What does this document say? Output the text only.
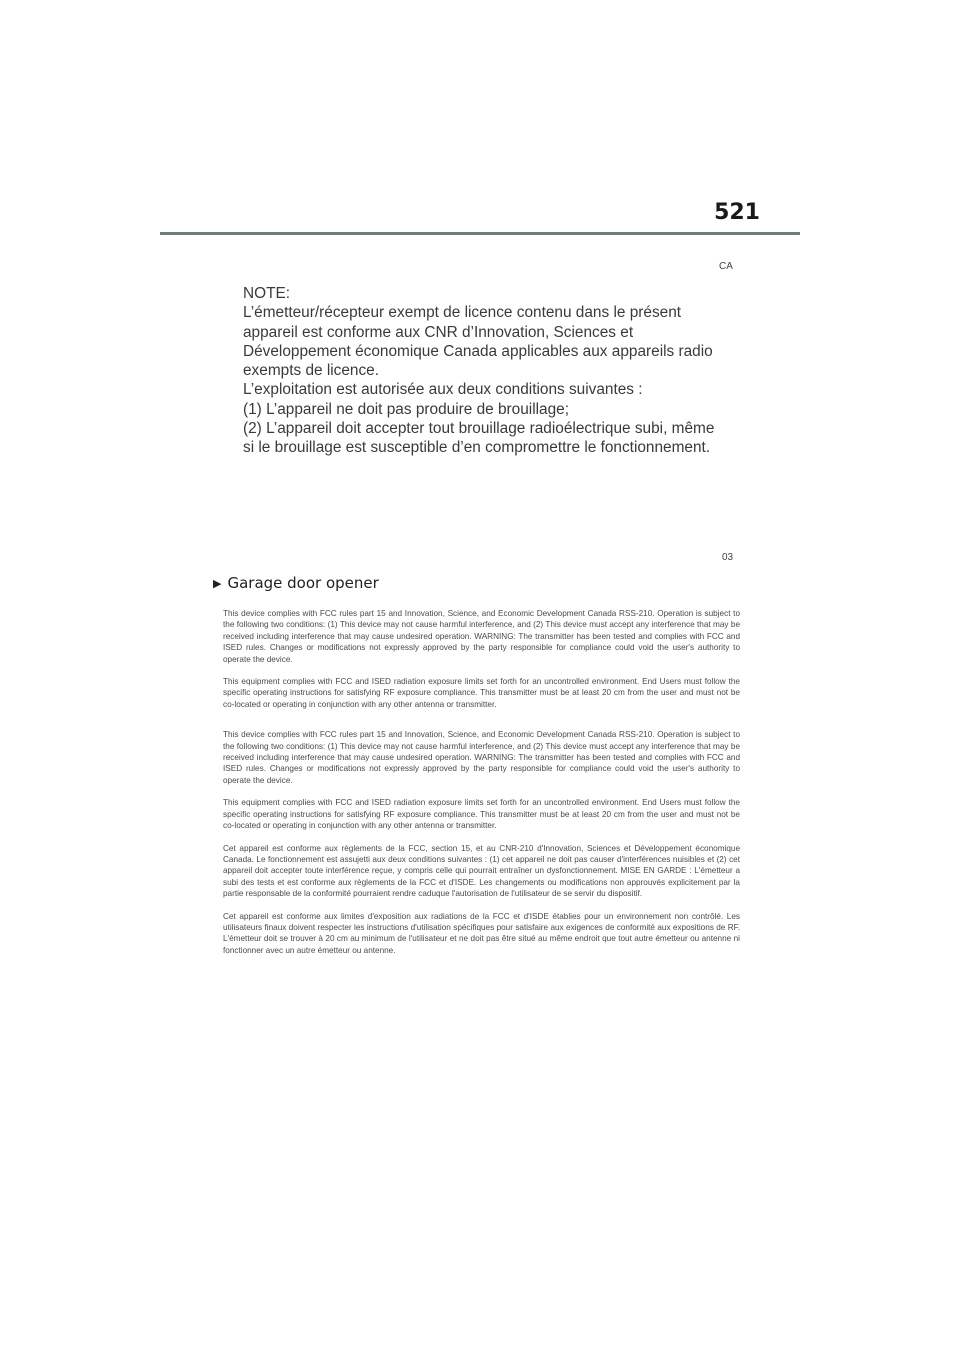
521
CA
NOTE:
L’émetteur/récepteur exempt de licence contenu dans le présent
appareil est conforme aux CNR d’Innovation, Sciences et
Développement économique Canada applicables aux appareils radio
exempts de licence.
L’exploitation est autorisée aux deux conditions suivantes :
(1) L’appareil ne doit pas produire de brouillage;
(2) L’appareil doit accepter tout brouillage radioélectrique subi, même
si le brouillage est susceptible d’en compromettre le fonctionnement.
03
▶ Garage door opener

This device complies with FCC rules part 15 and Innovation, Science, and Economic Development Canada RSS-210. Operation is subject to the following two conditions: (1) This device may not cause harmful interference, and (2) This device must accept any interference that may be received including interference that may cause undesired operation. WARNING: The transmitter has been tested and complies with FCC and ISED rules. Changes or modifications not expressly approved by the party responsible for compliance could void the user's authority to operate the device.

This equipment complies with FCC and ISED radiation exposure limits set forth for an uncontrolled environment. End Users must follow the specific operating instructions for satisfying RF exposure compliance. This transmitter must be at least 20 cm from the user and must not be co-located or operating in conjunction with any other antenna or transmitter.

This device complies with FCC rules part 15 and Innovation, Science, and Economic Development Canada RSS-210. Operation is subject to the following two conditions: (1) This device may not cause harmful interference, and (2) This device must accept any interference that may be received including interference that may cause undesired operation. WARNING: The transmitter has been tested and complies with FCC and ISED rules. Changes or modifications not expressly approved by the party responsible for compliance could void the user's authority to operate the device.

This equipment complies with FCC and ISED radiation exposure limits set forth for an uncontrolled environment. End Users must follow the specific operating instructions for satisfying RF exposure compliance. This transmitter must be at least 20 cm from the user and must not be co-located or operating in conjunction with any other antenna or transmitter.

Cet appareil est conforme aux règlements de la FCC, section 15, et au CNR-210 d'Innovation, Sciences et Développement économique Canada. Le fonctionnement est assujetti aux deux conditions suivantes : (1) cet appareil ne doit pas causer d'interférences nuisibles et (2) cet appareil doit accepter toute interférence reçue, y compris celle qui pourrait entraîner un dysfonctionnement. MISE EN GARDE : L'émetteur a subi des tests et est conforme aux règlements de la FCC et d'ISDE. Les changements ou modifications non approuvés explicitement par la partie responsable de la conformité pourraient rendre caduque l'autorisation de l'utilisateur de se servir du dispositif.

Cet appareil est conforme aux limites d'exposition aux radiations de la FCC et d'ISDE établies pour un environnement non contrôlé. Les utilisateurs finaux doivent respecter les instructions d'utilisation spécifiques pour satisfaire aux exigences de conformité aux expositions de RF. L'émetteur doit se trouver à 20 cm au minimum de l'utilisateur et ne doit pas être situé au même endroit que tout autre émetteur ou antenne ni fonctionner avec un autre émetteur ou antenne.
